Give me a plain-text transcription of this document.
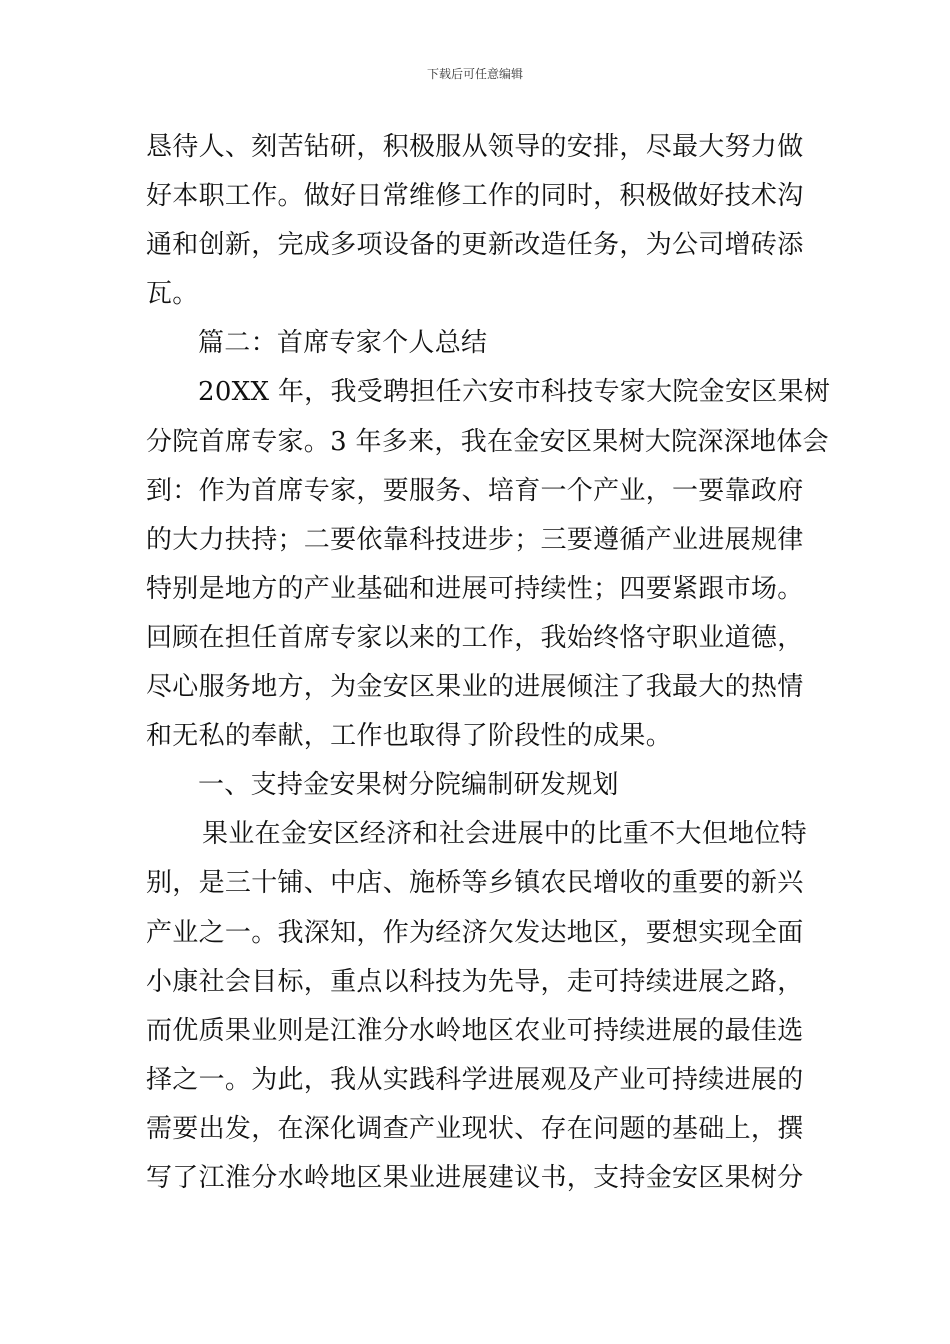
下载后可任意编辑
恳待人、刻苦钻研，积极服从领导的安排，尽最大努力做
好本职工作。做好日常维修工作的同时，积极做好技术沟
通和创新，完成多项设备的更新改造任务，为公司增砖添
瓦。
篇二：首席专家个人总结
20XX 年，我受聘担任六安市科技专家大院金安区果树
分院首席专家。3 年多来，我在金安区果树大院深深地体会
到：作为首席专家，要服务、培育一个产业，一要靠政府
的大力扶持；二要依靠科技进步；三要遵循产业进展规律
特别是地方的产业基础和进展可持续性；四要紧跟市场。
回顾在担任首席专家以来的工作，我始终恪守职业道德，
尽心服务地方，为金安区果业的进展倾注了我最大的热情
和无私的奉献，工作也取得了阶段性的成果。
一、支持金安果树分院编制研发规划
果业在金安区经济和社会进展中的比重不大但地位特
别，是三十铺、中店、施桥等乡镇农民增收的重要的新兴
产业之一。我深知，作为经济欠发达地区，要想实现全面
小康社会目标，重点以科技为先导，走可持续进展之路，
而优质果业则是江淮分水岭地区农业可持续进展的最佳选
择之一。为此，我从实践科学进展观及产业可持续进展的
需要出发，在深化调查产业现状、存在问题的基础上，撰
写了江淮分水岭地区果业进展建议书，支持金安区果树分
